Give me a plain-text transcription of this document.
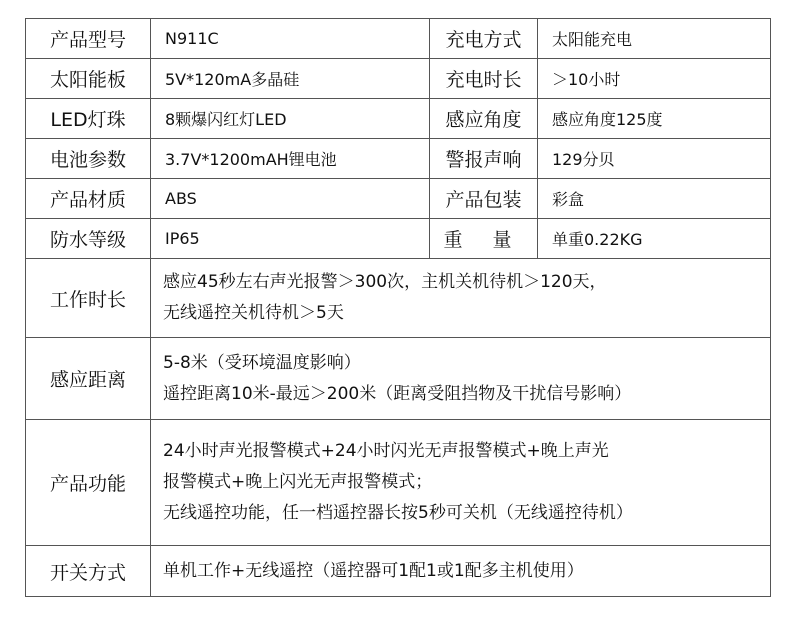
产品型号	N911C	充电方式	太阳能充电
太阳能板	5V*120mA多晶硅	充电时长	＞10小时
LED灯珠	8颗爆闪红灯LED	感应角度	感应角度125度
电池参数	3.7V*1200mAH锂电池	警报声响	129分贝
产品材质	ABS	产品包装	彩盒
防水等级	IP65	重 量	单重0.22KG
工作时长	感应45秒左右声光报警＞300次，主机关机待机＞120天，
无线遥控关机待机＞5天		

感应距离	5-8米（受环境温度影响）
遥控距离10米-最远＞200米（距离受阻挡物及干扰信号影响）		

产品功能	24小时声光报警模式+24小时闪光无声报警模式+晚上声光
报警模式+晚上闪光无声报警模式；
无线遥控功能，任一档遥控器长按5秒可关机（无线遥控待机）		

开关方式	单机工作+无线遥控（遥控器可1配1或1配多主机使用）		
